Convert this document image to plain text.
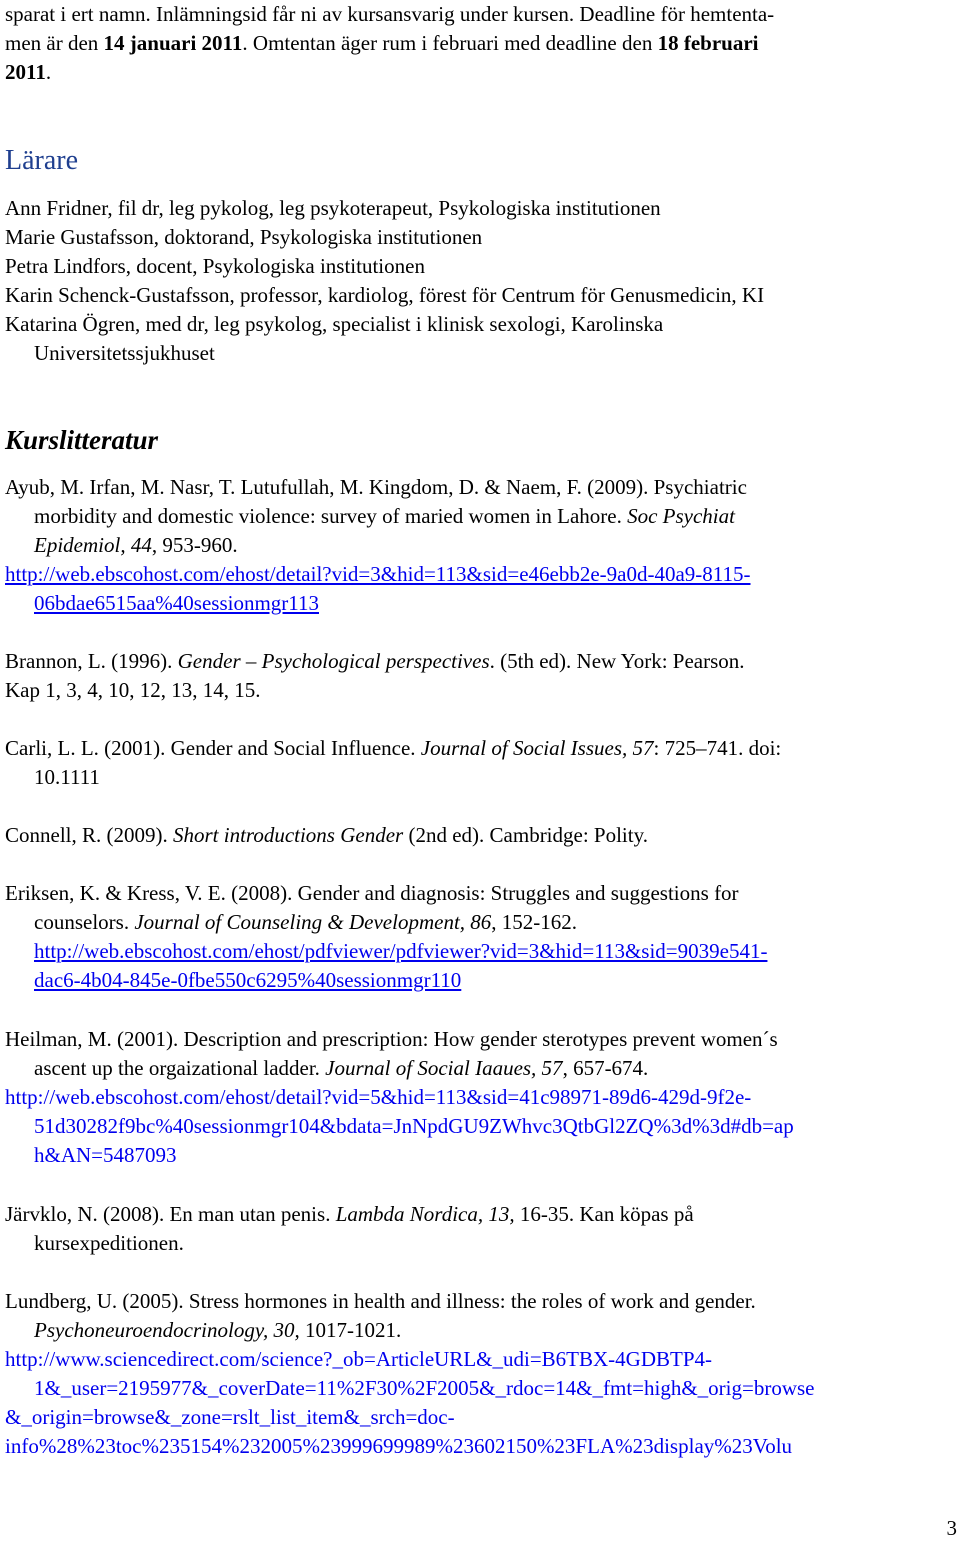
sparat i ert namn. Inlämningsid får ni av kursansvarig under kursen. Deadline för hemtenta-
men är den 14 januari 2011. Omtentan äger rum i februari med deadline den 18 februari
2011.
Lärare
Ann Fridner, fil dr, leg pykolog, leg psykoterapeut, Psykologiska institutionen
Marie Gustafsson, doktorand, Psykologiska institutionen
Petra Lindfors, docent, Psykologiska institutionen
Karin Schenck-Gustafsson, professor, kardiolog, förest för Centrum för Genusmedicin, KI
Katarina Ögren, med dr, leg psykolog, specialist i klinisk sexologi, Karolinska
Universitetssjukhuset
Kurslitteratur
Ayub, M. Irfan, M. Nasr, T. Lutufullah, M. Kingdom, D. & Naem, F. (2009). Psychiatric
morbidity and domestic violence: survey of maried women in Lahore. Soc Psychiat
Epidemiol, 44, 953-960.
http://web.ebscohost.com/ehost/detail?vid=3&hid=113&sid=e46ebb2e-9a0d-40a9-8115-
06bdae6515aa%40sessionmgr113
Brannon, L. (1996). Gender – Psychological perspectives. (5th ed). New York: Pearson.
Kap 1, 3, 4, 10, 12, 13, 14, 15.
Carli, L. L. (2001). Gender and Social Influence. Journal of Social Issues, 57: 725–741. doi:
10.1111
Connell, R. (2009). Short introductions Gender (2nd ed). Cambridge: Polity.
Eriksen, K. & Kress, V. E. (2008). Gender and diagnosis: Struggles and suggestions for
counselors. Journal of Counseling & Development, 86, 152-162.
http://web.ebscohost.com/ehost/pdfviewer/pdfviewer?vid=3&hid=113&sid=9039e541-
dac6-4b04-845e-0fbe550c6295%40sessionmgr110
Heilman, M. (2001). Description and prescription: How gender sterotypes prevent women´s
ascent up the orgaizational ladder. Journal of Social Iaaues, 57, 657-674.
http://web.ebscohost.com/ehost/detail?vid=5&hid=113&sid=41c98971-89d6-429d-9f2e-
51d30282f9bc%40sessionmgr104&bdata=JnNpdGU9ZWhvc3QtbGl2ZQ%3d%3d#db=ap
h&AN=5487093
Järvklo, N. (2008). En man utan penis. Lambda Nordica, 13, 16-35. Kan köpas på
kursexpeditionen.
Lundberg, U. (2005). Stress hormones in health and illness: the roles of work and gender.
Psychoneuroendocrinology, 30, 1017-1021.
http://www.sciencedirect.com/science?_ob=ArticleURL&_udi=B6TBX-4GDBTP4-
1&_user=2195977&_coverDate=11%2F30%2F2005&_rdoc=14&_fmt=high&_orig=browse
&_origin=browse&_zone=rslt_list_item&_srch=doc-
info%28%23toc%235154%232005%23999699989%23602150%23FLA%23display%23Volu
3
